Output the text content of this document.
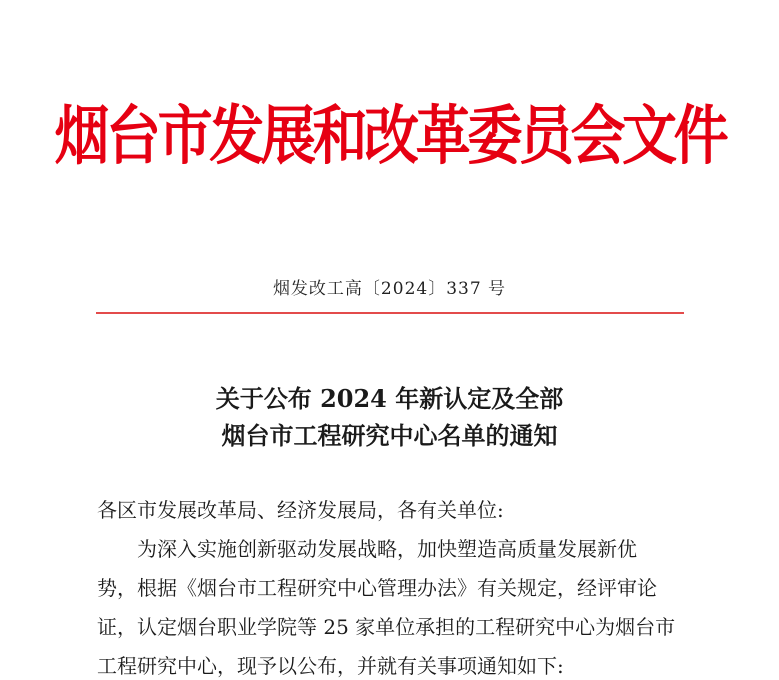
烟台市发展和改革委员会文件
烟发改工高〔2024〕337 号
关于公布 2024 年新认定及全部
烟台市工程研究中心名单的通知
各区市发展改革局、经济发展局，各有关单位:
为深入实施创新驱动发展战略，加快塑造高质量发展新优
势，根据《烟台市工程研究中心管理办法》有关规定，经评审论
证，认定烟台职业学院等 25 家单位承担的工程研究中心为烟台市
工程研究中心，现予以公布，并就有关事项通知如下:
